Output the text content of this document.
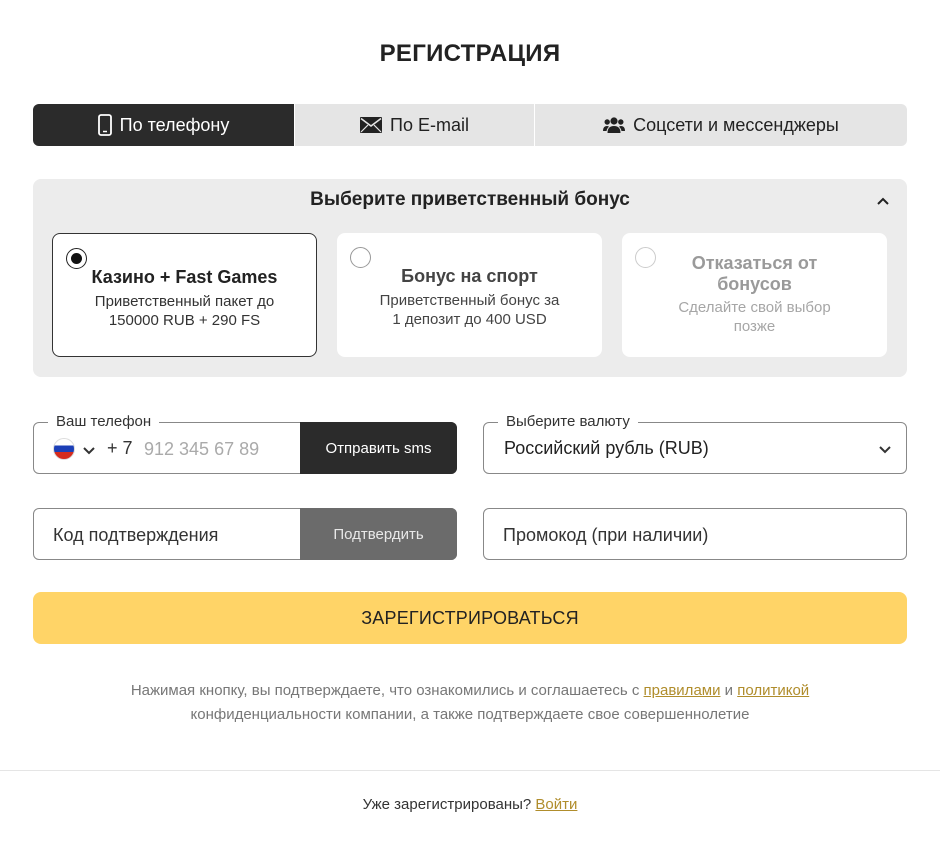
РЕГИСТРАЦИЯ
По телефону	По E-mail	Соцсети и мессенджеры
Выберите приветственный бонус
Казино + Fast Games
Приветственный пакет до
150000 RUB + 290 FS
Бонус на спорт
Приветственный бонус за
1 депозит до 400 USD
Отказаться от
бонусов
Сделайте свой выбор
позже
Ваш телефон
+ 7
912 345 67 89	Отправить sms
Выберите валюту
Российский рубль (RUB)
Код подтверждения
Подтвердить
Промокод (при наличии)
ЗАРЕГИСТРИРОВАТЬСЯ
Нажимая кнопку, вы подтверждаете, что ознакомились и соглашаетесь с правилами и политикой
конфиденциальности компании, а также подтверждаете свое совершеннолетие
Уже зарегистрированы? Войти
